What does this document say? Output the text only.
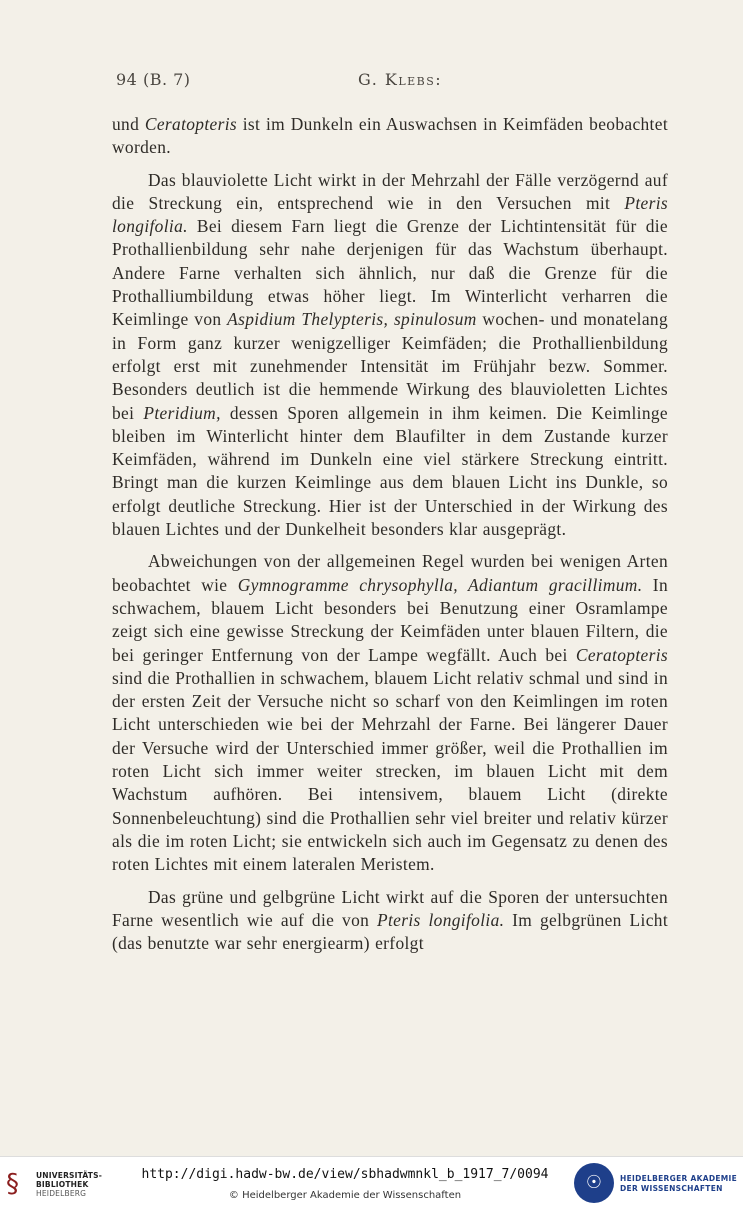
94 (B. 7)	G. Klebs:

und Ceratopteris ist im Dunkeln ein Auswachsen in Keimfäden beobachtet worden.

Das blauviolette Licht wirkt in der Mehrzahl der Fälle verzögernd auf die Streckung ein, entsprechend wie in den Versuchen mit Pteris longifolia. Bei diesem Farn liegt die Grenze der Lichtintensität für die Prothallienbildung sehr nahe derjenigen für das Wachstum überhaupt. Andere Farne verhalten sich ähnlich, nur daß die Grenze für die Prothalliumbildung etwas höher liegt. Im Winterlicht verharren die Keimlinge von Aspidium Thelypteris, spinulosum wochen- und monatelang in Form ganz kurzer wenigzelliger Keimfäden; die Prothallienbildung erfolgt erst mit zunehmender Intensität im Frühjahr bezw. Sommer. Besonders deutlich ist die hemmende Wirkung des blauvioletten Lichtes bei Pteridium, dessen Sporen allgemein in ihm keimen. Die Keimlinge bleiben im Winterlicht hinter dem Blaufilter in dem Zustande kurzer Keimfäden, während im Dunkeln eine viel stärkere Streckung eintritt. Bringt man die kurzen Keimlinge aus dem blauen Licht ins Dunkle, so erfolgt deutliche Streckung. Hier ist der Unterschied in der Wirkung des blauen Lichtes und der Dunkelheit besonders klar ausgeprägt.

Abweichungen von der allgemeinen Regel wurden bei wenigen Arten beobachtet wie Gymnogramme chrysophylla, Adiantum gracillimum. In schwachem, blauem Licht besonders bei Benutzung einer Osramlampe zeigt sich eine gewisse Streckung der Keimfäden unter blauen Filtern, die bei geringer Entfernung von der Lampe wegfällt. Auch bei Ceratopteris sind die Prothallien in schwachem, blauem Licht relativ schmal und sind in der ersten Zeit der Versuche nicht so scharf von den Keimlingen im roten Licht unterschieden wie bei der Mehrzahl der Farne. Bei längerer Dauer der Versuche wird der Unterschied immer größer, weil die Prothallien im roten Licht sich immer weiter strecken, im blauen Licht mit dem Wachstum aufhören. Bei intensivem, blauem Licht (direkte Sonnenbeleuchtung) sind die Prothallien sehr viel breiter und relativ kürzer als die im roten Licht; sie entwickeln sich auch im Gegensatz zu denen des roten Lichtes mit einem lateralen Meristem.

Das grüne und gelbgrüne Licht wirkt auf die Sporen der untersuchten Farne wesentlich wie auf die von Pteris longifolia. Im gelbgrünen Licht (das benutzte war sehr energiearm) erfolgt

§	UNIVERSITÄTS-
BIBLIOTHEK
HEIDELBERG
http://digi.hadw-bw.de/view/sbhadwmnkl_b_1917_7/0094
© Heidelberger Akademie der Wissenschaften
☉	HEIDELBERGER AKADEMIE
DER WISSENSCHAFTEN
